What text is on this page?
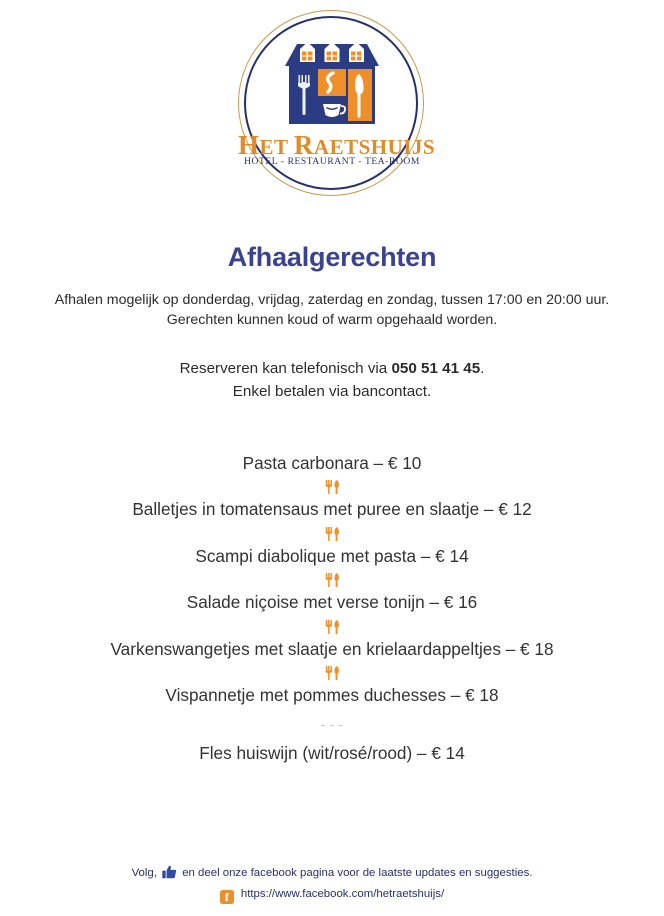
HET RAETSHUIJS
HOTEL - RESTAURANT - TEA-ROOM
Afhaalgerechten
Afhalen mogelijk op donderdag, vrijdag, zaterdag en zondag, tussen 17:00 en 20:00 uur.
Gerechten kunnen koud of warm opgehaald worden.
Reserveren kan telefonisch via 050 51 41 45.
Enkel betalen via bancontact.
Pasta carbonara – € 10
Balletjes in tomatensaus met puree en slaatje – € 12
Scampi diabolique met pasta – € 14
Salade niçoise met verse tonijn – € 16
Varkenswangetjes met slaatje en krielaardappeltjes – € 18
Vispannetje met pommes duchesses – € 18
- - -
Fles huiswijn (wit/rosé/rood) – € 14
Volg,  en deel onze facebook pagina voor de laatste updates en suggesties.
f https://www.facebook.com/hetraetshuijs/
